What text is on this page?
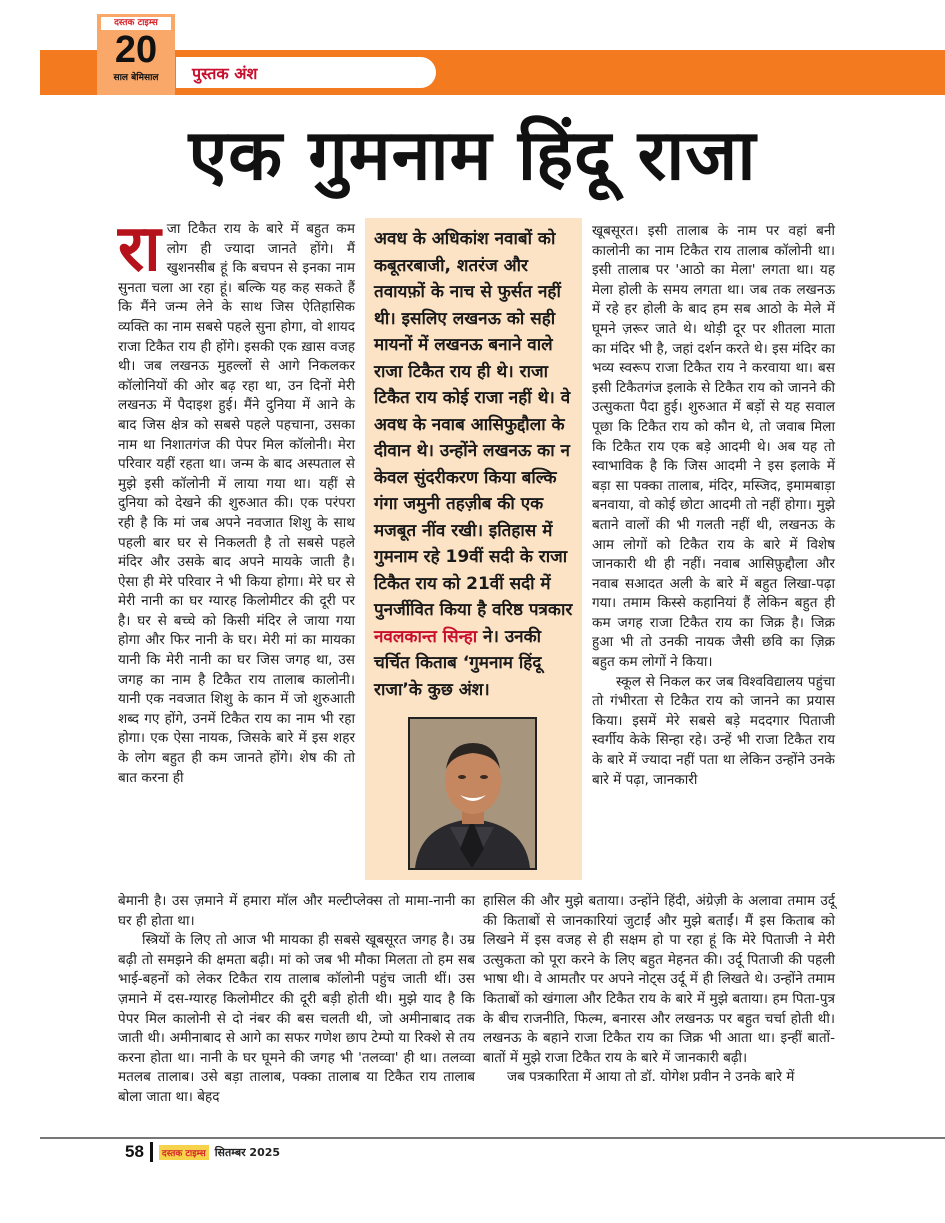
दस्तक टाइम्स
20
साल बेमिसाल	पुस्तक अंश
एक गुमनाम हिंदू राजा
रा जा टिकैत राय के बारे में बहुत कम लोग ही ज्यादा जानते होंगे। मैं खुशनसीब हूं कि बचपन से इनका नाम सुनता चला आ रहा हूं। बल्कि यह कह सकते हैं कि मैंने जन्म लेने के साथ जिस ऐतिहासिक व्यक्ति का नाम सबसे पहले सुना होगा, वो शायद राजा टिकैत राय ही होंगे। इसकी एक ख़ास वजह थी। जब लखनऊ मुहल्लों से आगे निकलकर कॉलोनियों की ओर बढ़ रहा था, उन दिनों मेरी लखनऊ में पैदाइश हुई। मैंने दुनिया में आने के बाद जिस क्षेत्र को सबसे पहले पहचाना, उसका नाम था निशातगंज की पेपर मिल कॉलोनी। मेरा परिवार यहीं रहता था। जन्म के बाद अस्पताल से मुझे इसी कॉलोनी में लाया गया था। यहीं से दुनिया को देखने की शुरुआत की। एक परंपरा रही है कि मां जब अपने नवजात शिशु के साथ पहली बार घर से निकलती है तो सबसे पहले मंदिर और उसके बाद अपने मायके जाती है। ऐसा ही मेरे परिवार ने भी किया होगा। मेरे घर से मेरी नानी का घर ग्यारह किलोमीटर की दूरी पर है। घर से बच्चे को किसी मंदिर ले जाया गया होगा और फिर नानी के घर। मेरी मां का मायका यानी कि मेरी नानी का घर जिस जगह था, उस जगह का नाम है टिकैत राय तालाब कालोनी। यानी एक नवजात शिशु के कान में जो शुरुआती शब्द गए होंगे, उनमें टिकैत राय का नाम भी रहा होगा। एक ऐसा नायक, जिसके बारे में इस शहर के लोग बहुत ही कम जानते होंगे। शेष की तो बात करना ही

बेमानी है। उस ज़माने में हमारा मॉल और मल्टीप्लेक्स तो मामा-नानी का घर ही होता था।

स्त्रियों के लिए तो आज भी मायका ही सबसे खूबसूरत जगह है। उम्र बढ़ी तो समझने की क्षमता बढ़ी। मां को जब भी मौका मिलता तो हम सब भाई-बहनों को लेकर टिकैत राय तालाब कॉलोनी पहुंच जाती थीं। उस ज़माने में दस-ग्यारह किलोमीटर की दूरी बड़ी होती थी। मुझे याद है कि पेपर मिल कालोनी से दो नंबर की बस चलती थी, जो अमीनाबाद तक जाती थी। अमीनाबाद से आगे का सफर गणेश छाप टेम्पो या रिक्शे से तय करना होता था। नानी के घर घूमने की जगह भी 'तलव्वा' ही था। तलव्वा मतलब तालाब। उसे बड़ा तालाब, पक्का तालाब या टिकैत राय तालाब बोला जाता था। बेहद

अवध के अधिकांश नवाबों को कबूतरबाजी, शतरंज और तवायफ़ों के नाच से फुर्सत नहीं थी। इसलिए लखनऊ को सही मायनों में लखनऊ बनाने वाले राजा टिकैत राय ही थे। राजा टिकैत राय कोई राजा नहीं थे। वे अवध के नवाब आसिफुद्दौला के दीवान थे। उन्होंने लखनऊ का न केवल सुंदरीकरण किया बल्कि गंगा जमुनी तहज़ीब की एक मजबूत नींव रखी। इतिहास में गुमनाम रहे 19वीं सदी के राजा टिकैत राय को 21वीं सदी में पुनर्जीवित किया है वरिष्ठ पत्रकार नवलकान्त सिन्हा ने। उनकी चर्चित किताब ‘गुमनाम हिंदू राजा’के कुछ अंश।

खूबसूरत। इसी तालाब के नाम पर वहां बनी कालोनी का नाम टिकैत राय तालाब कॉलोनी था। इसी तालाब पर 'आठो का मेला' लगता था। यह मेला होली के समय लगता था। जब तक लखनऊ में रहे हर होली के बाद हम सब आठो के मेले में घूमने ज़रूर जाते थे। थोड़ी दूर पर शीतला माता का मंदिर भी है, जहां दर्शन करते थे। इस मंदिर का भव्य स्वरूप राजा टिकैत राय ने करवाया था। बस इसी टिकैतगंज इलाके से टिकैत राय को जानने की उत्सुकता पैदा हुई। शुरुआत में बड़ों से यह सवाल पूछा कि टिकैत राय को कौन थे, तो जवाब मिला कि टिकैत राय एक बड़े आदमी थे। अब यह तो स्वाभाविक है कि जिस आदमी ने इस इलाके में बड़ा सा पक्का तालाब, मंदिर, मस्जिद, इमामबाड़ा बनवाया, वो कोई छोटा आदमी तो नहीं होगा। मुझे बताने वालों की भी गलती नहीं थी, लखनऊ के आम लोगों को टिकैत राय के बारे में विशेष जानकारी थी ही नहीं। नवाब आसिफ़ुद्दौला और नवाब सआदत अली के बारे में बहुत लिखा-पढ़ा गया। तमाम किस्से कहानियां हैं लेकिन बहुत ही कम जगह राजा टिकैत राय का जिक्र है। जिक्र हुआ भी तो उनकी नायक जैसी छवि का ज़िक्र बहुत कम लोगों ने किया।

स्कूल से निकल कर जब विश्वविद्यालय पहुंचा तो गंभीरता से टिकैत राय को जानने का प्रयास किया। इसमें मेरे सबसे बड़े मददगार पिताजी स्वर्गीय केके सिन्हा रहे। उन्हें भी राजा टिकैत राय के बारे में ज्यादा नहीं पता था लेकिन उन्होंने उनके बारे में पढ़ा, जानकारी

हासिल की और मुझे बताया। उन्होंने हिंदी, अंग्रेज़ी के अलावा तमाम उर्दू की किताबों से जानकारियां जुटाईं और मुझे बताईं। मैं इस किताब को लिखने में इस वजह से ही सक्षम हो पा रहा हूं कि मेरे पिताजी ने मेरी उत्सुकता को पूरा करने के लिए बहुत मेहनत की। उर्दू पिताजी की पहली भाषा थी। वे आमतौर पर अपने नोट्स उर्दू में ही लिखते थे। उन्होंने तमाम किताबों को खंगाला और टिकैत राय के बारे में मुझे बताया। हम पिता-पुत्र के बीच राजनीति, फिल्म, बनारस और लखनऊ पर बहुत चर्चा होती थी। लखनऊ के बहाने राजा टिकैत राय का जिक्र भी आता था। इन्हीं बातों-बातों में मुझे राजा टिकैत राय के बारे में जानकारी बढ़ी।

जब पत्रकारिता में आया तो डॉ. योगेश प्रवीन ने उनके बारे में

58	दस्तक टाइम्स सितम्बर 2025
